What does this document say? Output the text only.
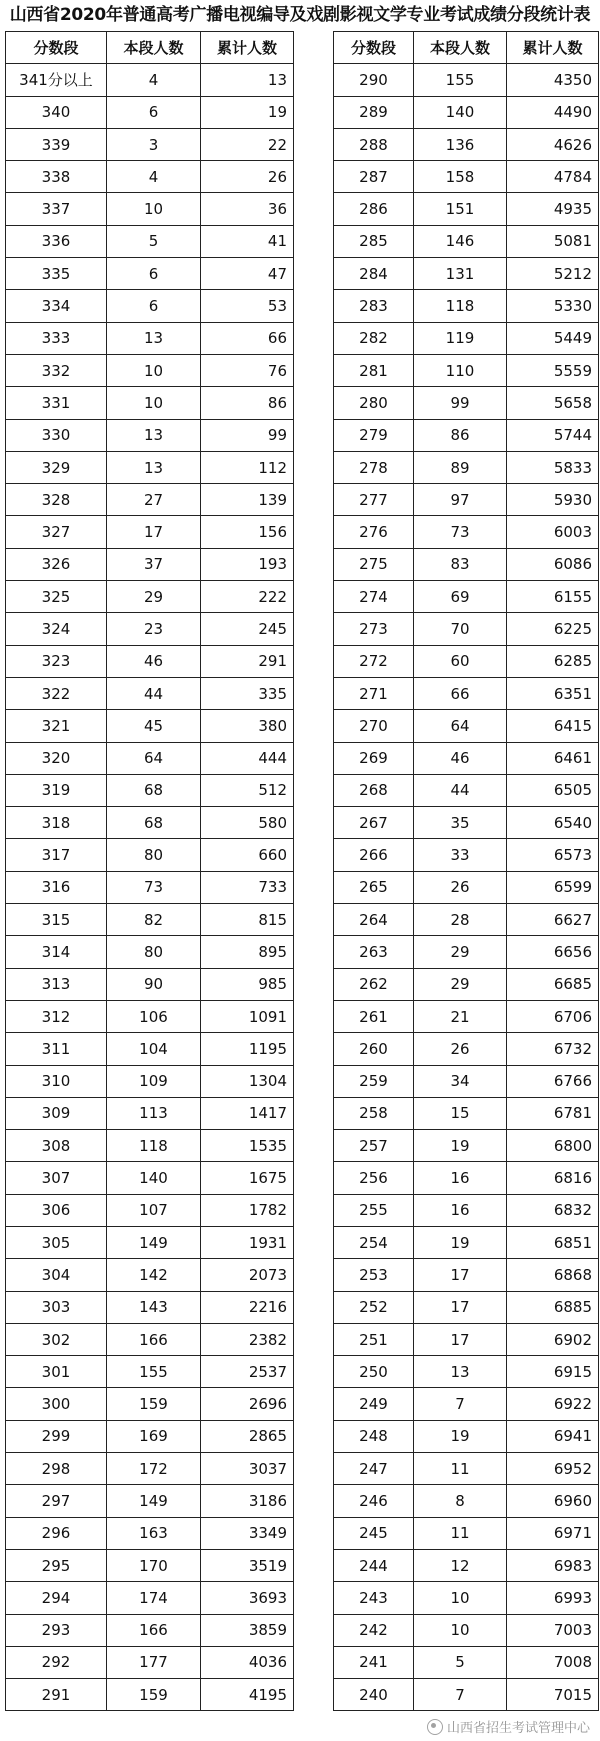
山西省2020年普通高考广播电视编导及戏剧影视文学专业考试成绩分段统计表
分数段	本段人数	累计人数
341分以上	4	13
340	6	19
339	3	22
338	4	26
337	10	36
336	5	41
335	6	47
334	6	53
333	13	66
332	10	76
331	10	86
330	13	99
329	13	112
328	27	139
327	17	156
326	37	193
325	29	222
324	23	245
323	46	291
322	44	335
321	45	380
320	64	444
319	68	512
318	68	580
317	80	660
316	73	733
315	82	815
314	80	895
313	90	985
312	106	1091
311	104	1195
310	109	1304
309	113	1417
308	118	1535
307	140	1675
306	107	1782
305	149	1931
304	142	2073
303	143	2216
302	166	2382
301	155	2537
300	159	2696
299	169	2865
298	172	3037
297	149	3186
296	163	3349
295	170	3519
294	174	3693
293	166	3859
292	177	4036
291	159	4195
分数段	本段人数	累计人数
290	155	4350
289	140	4490
288	136	4626
287	158	4784
286	151	4935
285	146	5081
284	131	5212
283	118	5330
282	119	5449
281	110	5559
280	99	5658
279	86	5744
278	89	5833
277	97	5930
276	73	6003
275	83	6086
274	69	6155
273	70	6225
272	60	6285
271	66	6351
270	64	6415
269	46	6461
268	44	6505
267	35	6540
266	33	6573
265	26	6599
264	28	6627
263	29	6656
262	29	6685
261	21	6706
260	26	6732
259	34	6766
258	15	6781
257	19	6800
256	16	6816
255	16	6832
254	19	6851
253	17	6868
252	17	6885
251	17	6902
250	13	6915
249	7	6922
248	19	6941
247	11	6952
246	8	6960
245	11	6971
244	12	6983
243	10	6993
242	10	7003
241	5	7008
240	7	7015
山西省招生考试管理中心
